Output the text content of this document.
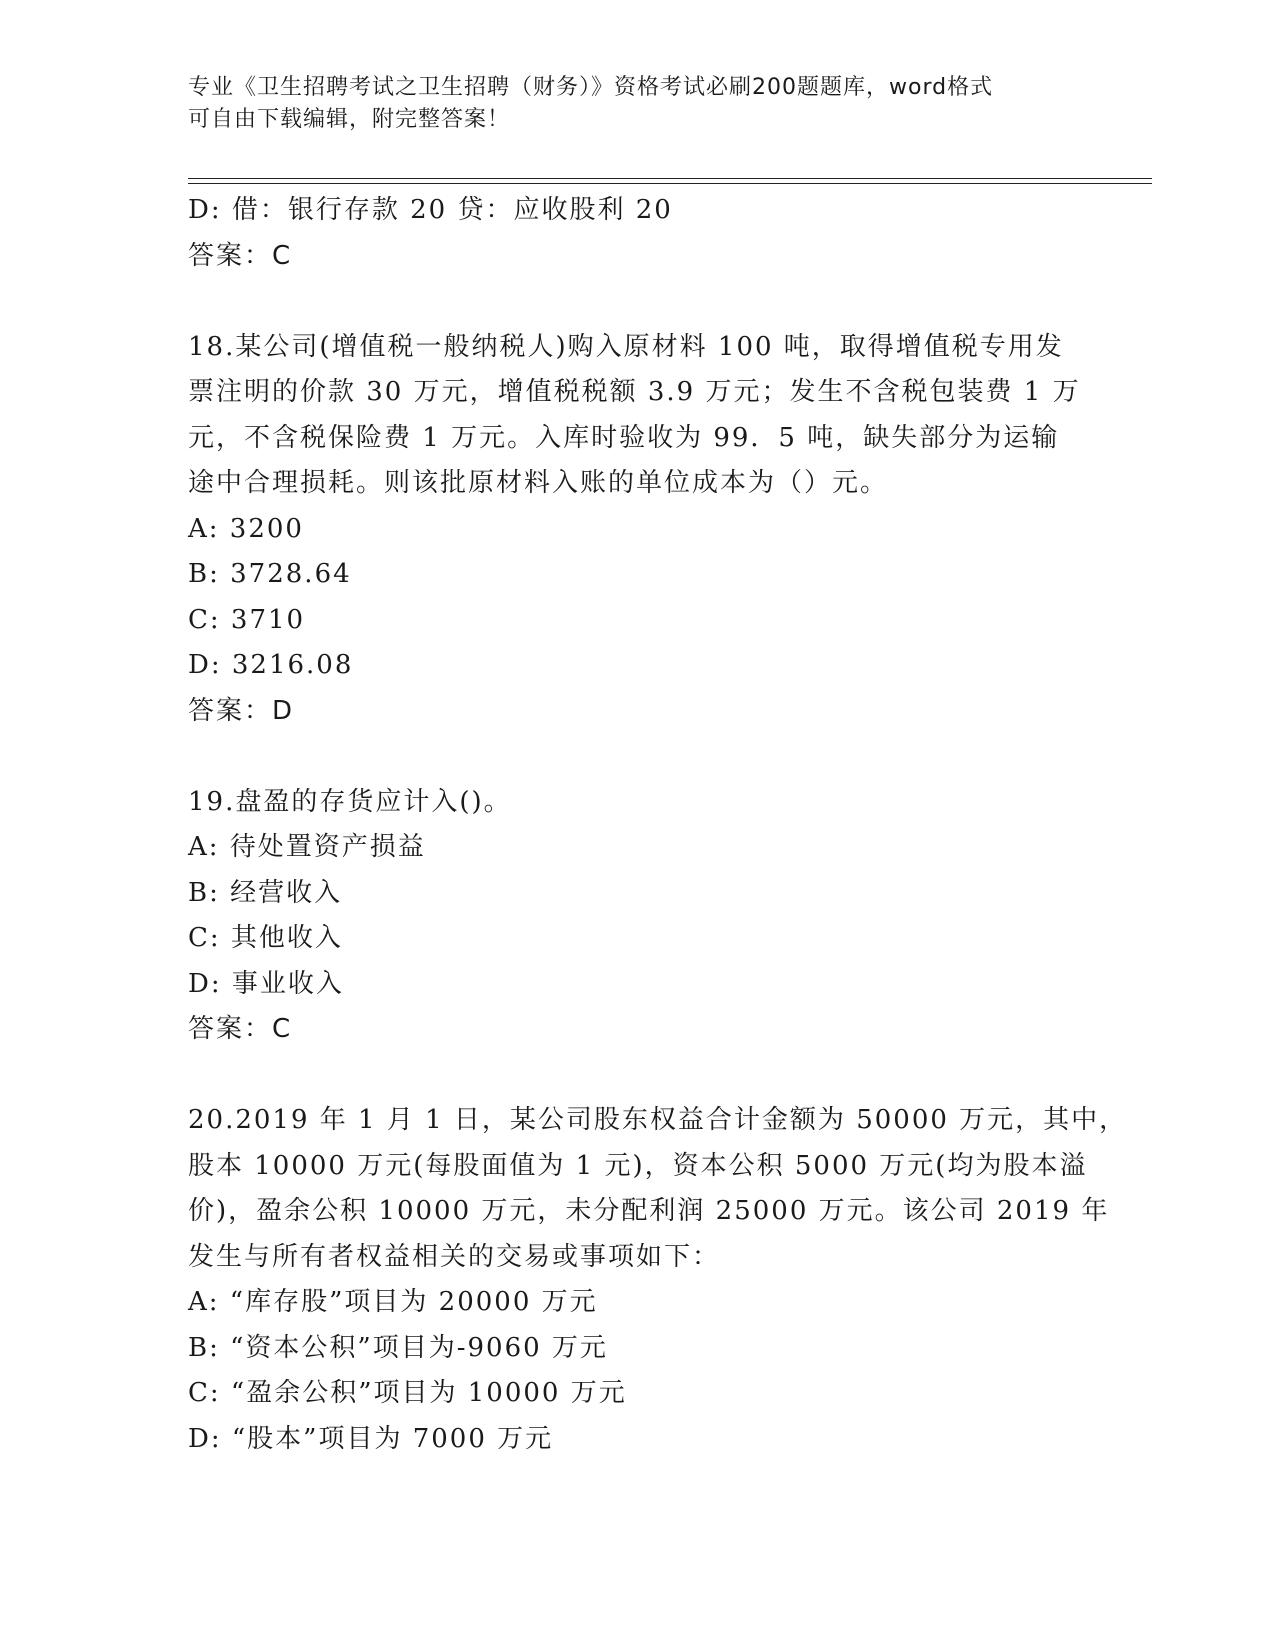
专业《卫生招聘考试之卫生招聘（财务）》资格考试必刷200题题库，word格式
可自由下载编辑，附完整答案！
D: 借：银行存款 20 贷：应收股利 20
答案：C
18.某公司(增值税一般纳税人)购入原材料 100 吨，取得增值税专用发
票注明的价款 30 万元，增值税税额 3.9 万元；发生不含税包装费 1 万
元，不含税保险费 1 万元。入库时验收为 99．5 吨，缺失部分为运输
途中合理损耗。则该批原材料入账的单位成本为（）元。
A: 3200
B: 3728.64
C: 3710
D: 3216.08
答案：D
19.盘盈的存货应计入()。
A: 待处置资产损益
B: 经营收入
C: 其他收入
D: 事业收入
答案：C
20.2019 年 1 月 1 日，某公司股东权益合计金额为 50000 万元，其中，
股本 10000 万元(每股面值为 1 元)，资本公积 5000 万元(均为股本溢
价)，盈余公积 10000 万元，未分配利润 25000 万元。该公司 2019 年
发生与所有者权益相关的交易或事项如下：
A: “库存股”项目为 20000 万元
B: “资本公积”项目为-9060 万元
C: “盈余公积”项目为 10000 万元
D: “股本”项目为 7000 万元
